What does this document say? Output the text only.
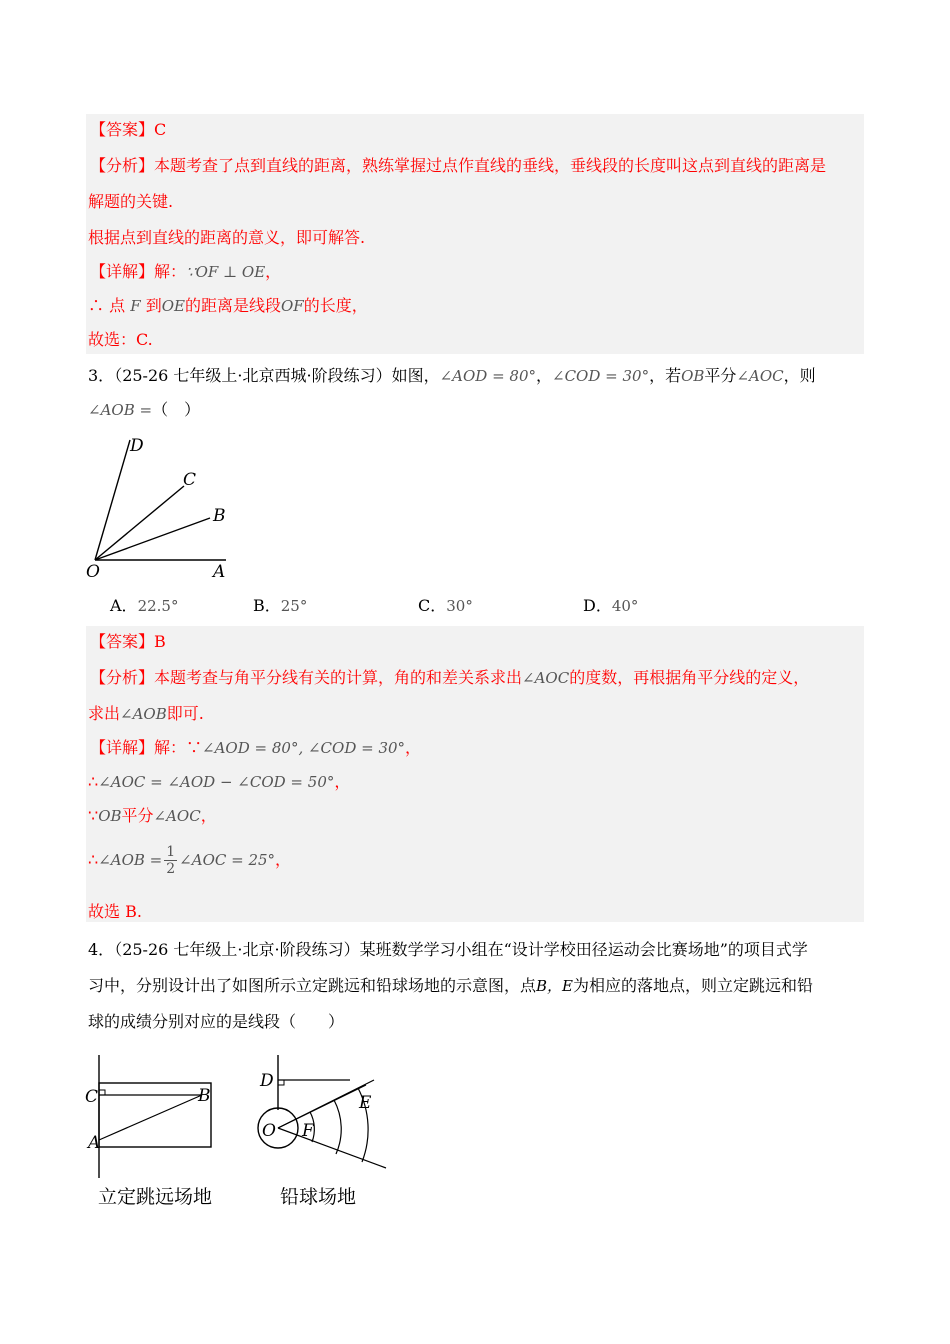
【答案】C
【分析】本题考查了点到直线的距离，熟练掌握过点作直线的垂线，垂线段的长度叫这点到直线的距离是
解题的关键.
根据点到直线的距离的意义，即可解答.
【详解】解：∵OF ⊥ OE，
∴ 点 F 到OE的距离是线段OF的长度，
故选：C.
3．（25-26 七年级上·北京西城·阶段练习）如图，∠AOD = 80°，∠COD = 30°，若OB平分∠AOC，则
∠AOB =（　）
D
C
B
O	A
A．22.5°	B．25°	C．30°	D．40°
【答案】B
【分析】本题考查与角平分线有关的计算，角的和差关系求出∠AOC的度数，再根据角平分线的定义，
求出∠AOB即可.
【详解】解：∵∠AOD = 80°, ∠COD = 30°，
∴∠AOC = ∠AOD − ∠COD = 50°，
∵OB平分∠AOC，
∴∠AOB = $\frac{1}{2}$ ∠AOC = 25°，
故选 B.
4．（25-26 七年级上·北京·阶段练习）某班数学学习小组在“设计学校田径运动会比赛场地”的项目式学
习中，分别设计出了如图所示立定跳远和铅球场地的示意图，点B，E为相应的落地点，则立定跳远和铅
球的成绩分别对应的是线段（　　）
C	B
A
D
O F
E
立定跳远场地	铅球场地
